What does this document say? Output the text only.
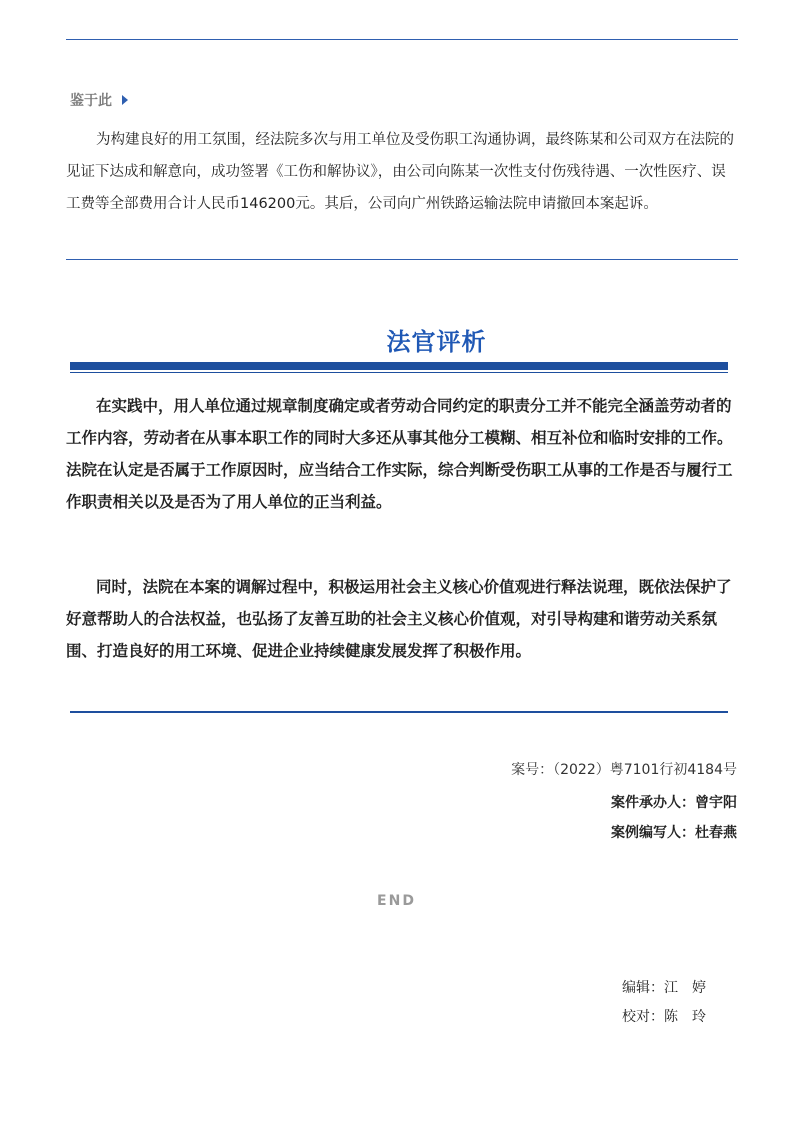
鉴于此

为构建良好的用工氛围，经法院多次与用工单位及受伤职工沟通协调，最终陈某和公司双方在法院的见证下达成和解意向，成功签署《工伤和解协议》，由公司向陈某一次性支付伤残待遇、一次性医疗、误工费等全部费用合计人民币146200元。其后，公司向广州铁路运输法院申请撤回本案起诉。

法官评析

在实践中，用人单位通过规章制度确定或者劳动合同约定的职责分工并不能完全涵盖劳动者的工作内容，劳动者在从事本职工作的同时大多还从事其他分工模糊、相互补位和临时安排的工作。法院在认定是否属于工作原因时，应当结合工作实际，综合判断受伤职工从事的工作是否与履行工作职责相关以及是否为了用人单位的正当利益。

同时，法院在本案的调解过程中，积极运用社会主义核心价值观进行释法说理，既依法保护了好意帮助人的合法权益，也弘扬了友善互助的社会主义核心价值观，对引导构建和谐劳动关系氛围、打造良好的用工环境、促进企业持续健康发展发挥了积极作用。

案号：（2022）粤7101行初4184号
案件承办人：曾宇阳
案例编写人：杜春燕
END
编辑：江　婷
校对：陈　玲
